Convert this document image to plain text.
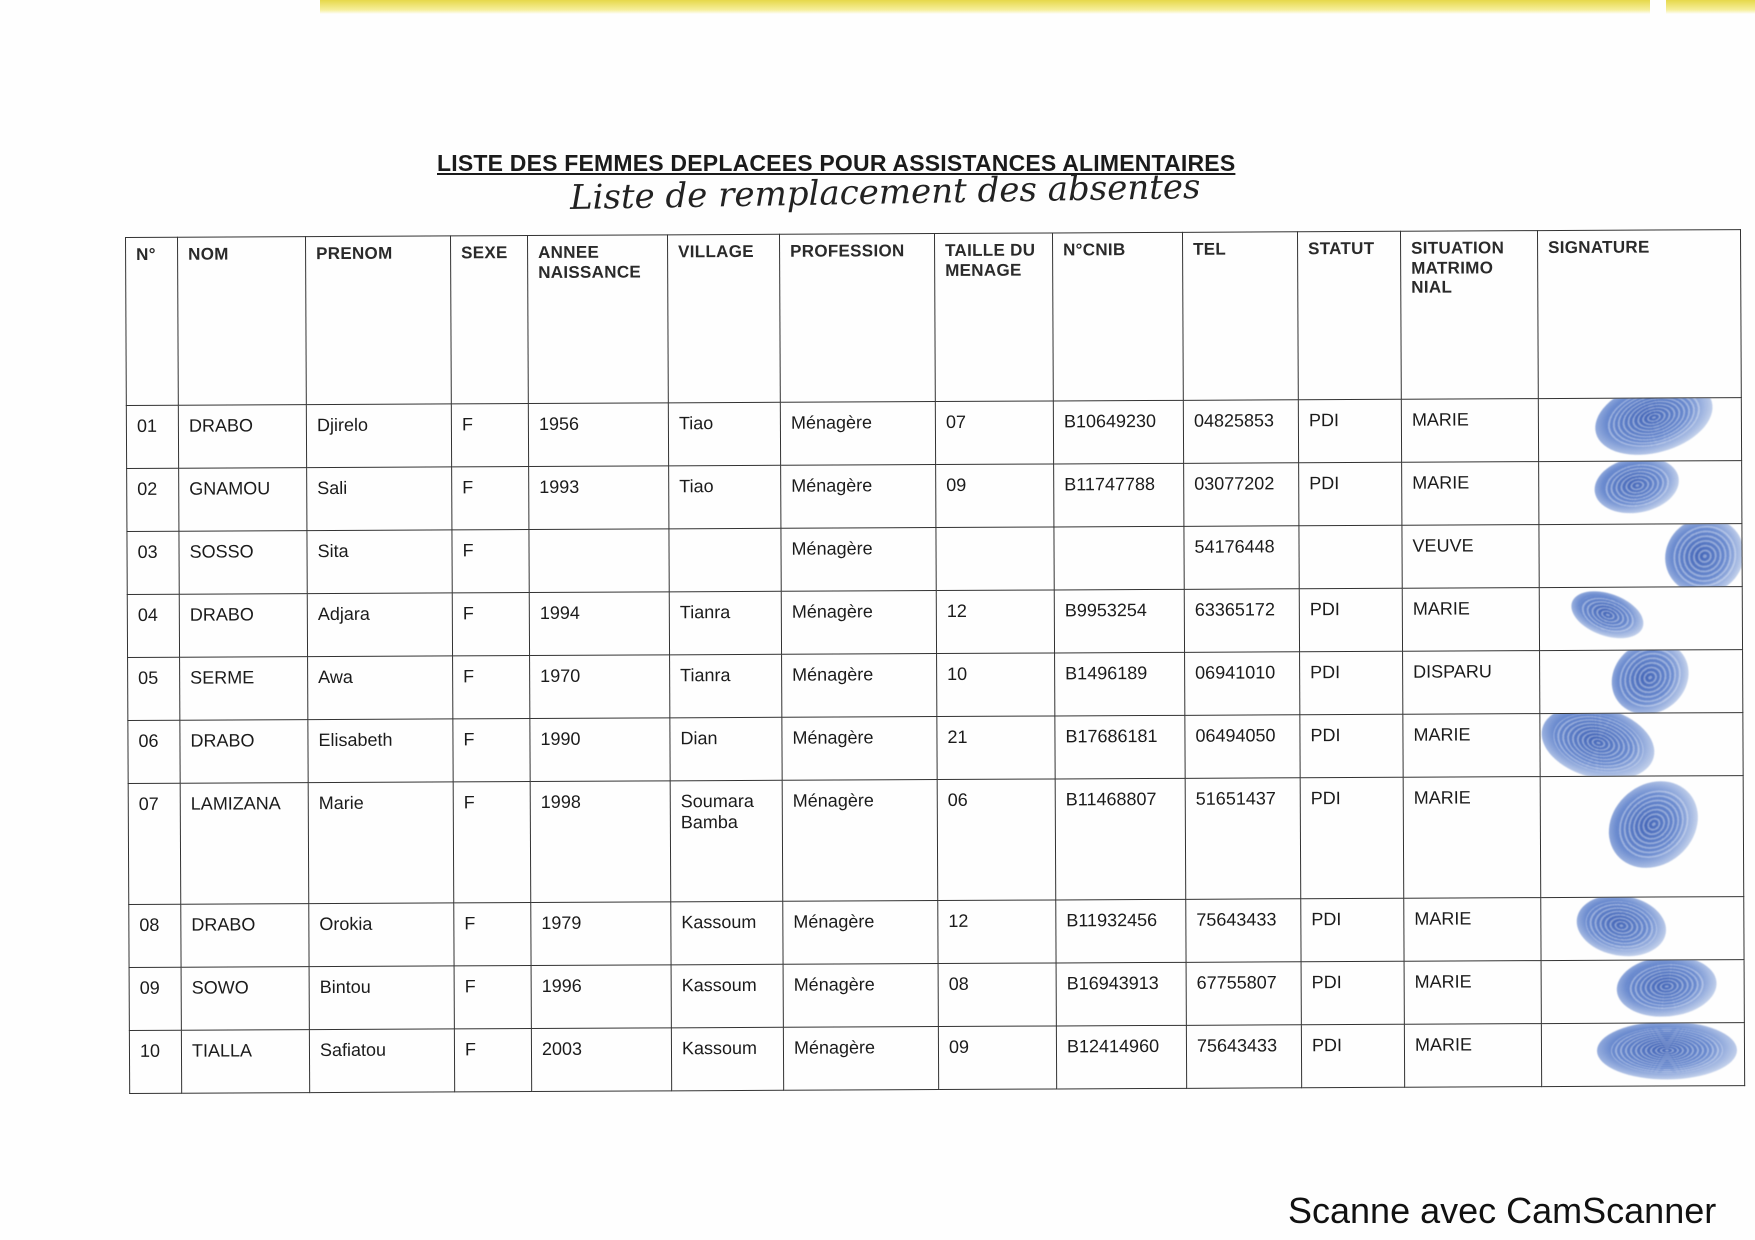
LISTE DES FEMMES DEPLACEES POUR ASSISTANCES ALIMENTAIRES
Liste de remplacement des absentes
N°	NOM	PRENOM	SEXE	ANNEE NAISSANCE	VILLAGE	PROFESSION	TAILLE DU MENAGE	N°CNIB	TEL	STATUT	SITUATION MATRIMO NIAL	SIGNATURE
01	DRABO	Djirelo	F	1956	Tiao	Ménagère	07	B10649230	04825853	PDI	MARIE	

02	GNAMOU	Sali	F	1993	Tiao	Ménagère	09	B11747788	03077202	PDI	MARIE	

03	SOSSO	Sita	F			Ménagère			54176448		VEUVE	

04	DRABO	Adjara	F	1994	Tianra	Ménagère	12	B9953254	63365172	PDI	MARIE	

05	SERME	Awa	F	1970	Tianra	Ménagère	10	B1496189	06941010	PDI	DISPARU	

06	DRABO	Elisabeth	F	1990	Dian	Ménagère	21	B17686181	06494050	PDI	MARIE	

07	LAMIZANA	Marie	F	1998	Soumara Bamba	Ménagère	06	B11468807	51651437	PDI	MARIE	

08	DRABO	Orokia	F	1979	Kassoum	Ménagère	12	B11932456	75643433	PDI	MARIE	

09	SOWO	Bintou	F	1996	Kassoum	Ménagère	08	B16943913	67755807	PDI	MARIE	

10	TIALLA	Safiatou	F	2003	Kassoum	Ménagère	09	B12414960	75643433	PDI	MARIE	
Scanne avec CamScanner
